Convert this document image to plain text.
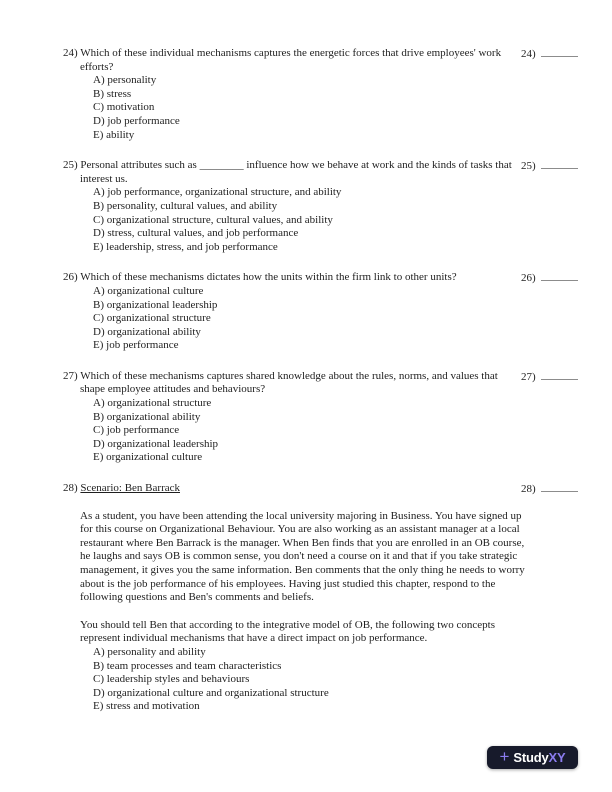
24) Which of these individual mechanisms captures the energetic forces that drive employees' work efforts?
A) personality
B) stress
C) motivation
D) job performance
E) ability
24)
25) Personal attributes such as ________ influence how we behave at work and the kinds of tasks that interest us.
A) job performance, organizational structure, and ability
B) personality, cultural values, and ability
C) organizational structure, cultural values, and ability
D) stress, cultural values, and job performance
E) leadership, stress, and job performance
25)
26) Which of these mechanisms dictates how the units within the firm link to other units?
A) organizational culture
B) organizational leadership
C) organizational structure
D) organizational ability
E) job performance
26)
27) Which of these mechanisms captures shared knowledge about the rules, norms, and values that shape employee attitudes and behaviours?
A) organizational structure
B) organizational ability
C) job performance
D) organizational leadership
E) organizational culture
27)
28) Scenario: Ben Barrack
As a student, you have been attending the local university majoring in Business. You have signed up for this course on Organizational Behaviour. You are also working as an assistant manager at a local restaurant where Ben Barrack is the manager. When Ben finds that you are enrolled in an OB course, he laughs and says OB is common sense, you don't need a course on it and that if you take strategic management, it gives you the same information. Ben comments that the only thing he needs to worry about is the job performance of his employees. Having just studied this chapter, respond to the following questions and Ben's comments and beliefs.
You should tell Ben that according to the integrative model of OB, the following two concepts represent individual mechanisms that have a direct impact on job performance.
A) personality and ability
B) team processes and team characteristics
C) leadership styles and behaviours
D) organizational culture and organizational structure
E) stress and motivation
28)
+ StudyXY
